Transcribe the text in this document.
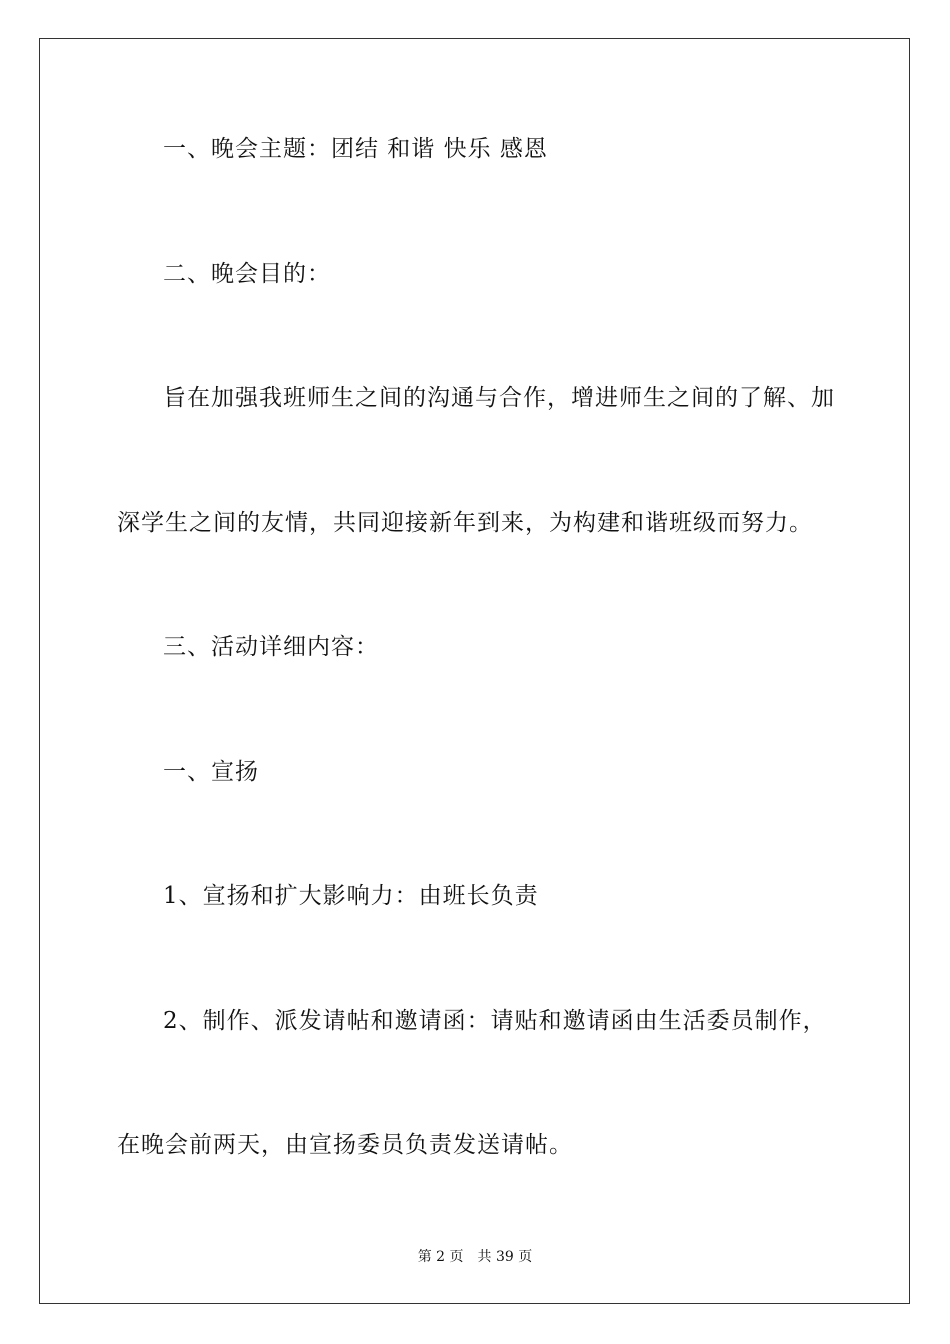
一、晚会主题：团结 和谐 快乐 感恩
二、晚会目的：
旨在加强我班师生之间的沟通与合作，增进师生之间的了解、加
深学生之间的友情，共同迎接新年到来，为构建和谐班级而努力。
三、活动详细内容：
一、宣扬
1、宣扬和扩大影响力：由班长负责
2、制作、派发请帖和邀请函：请贴和邀请函由生活委员制作，
在晚会前两天，由宣扬委员负责发送请帖。
第 2 页 共 39 页
